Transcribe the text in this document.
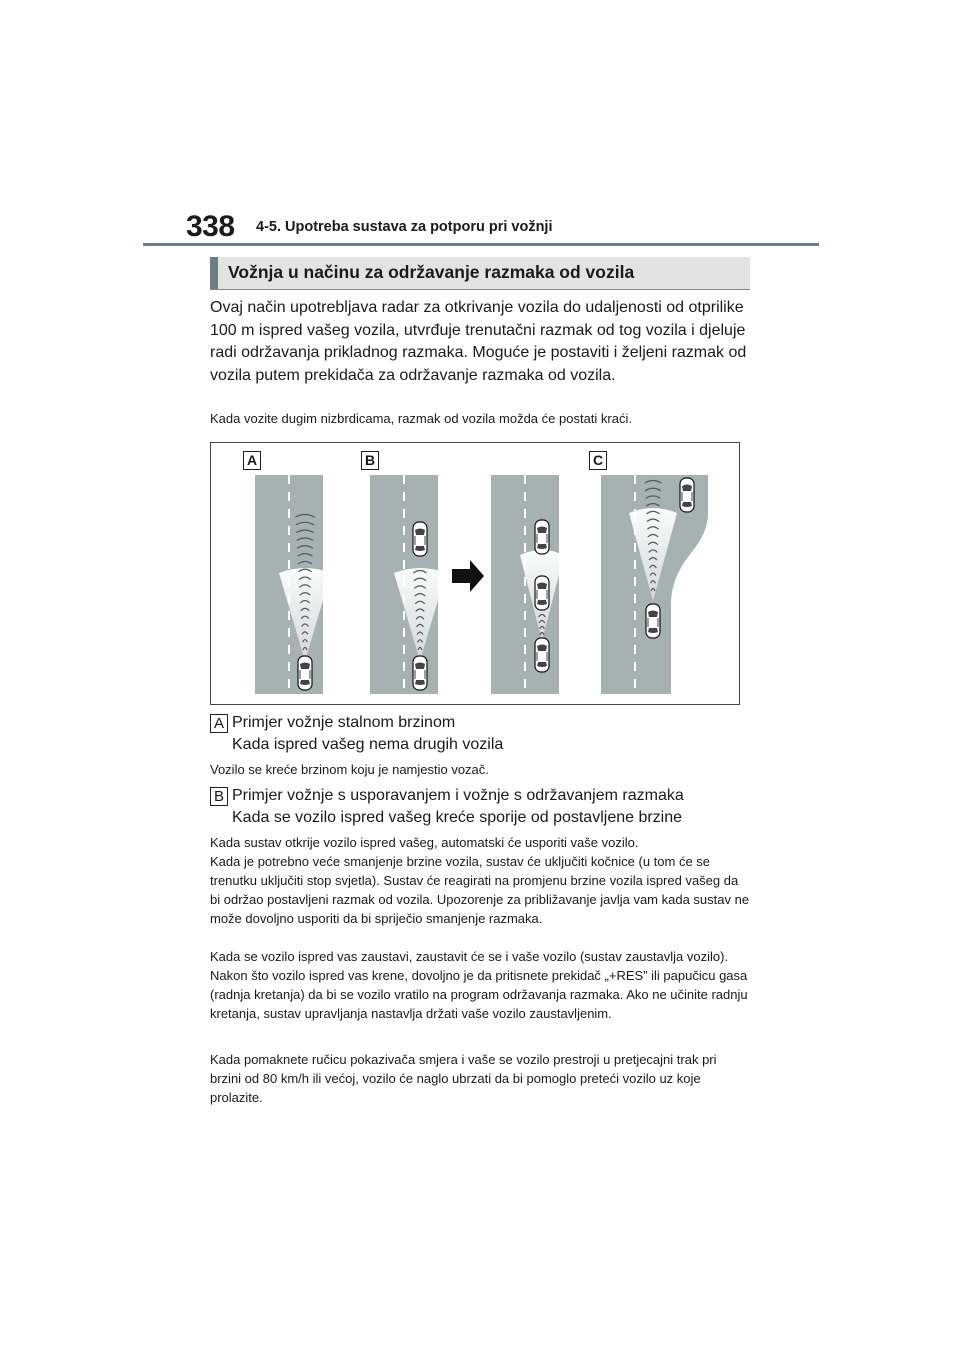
338 4-5. Upotreba sustava za potporu pri vožnji
Vožnja u načinu za održavanje razmaka od vozila

Ovaj način upotrebljava radar za otkrivanje vozila do udaljenosti od otprilike 100 m ispred vašeg vozila, utvrđuje trenutačni razmak od tog vozila i djeluje radi održavanja prikladnog razmaka. Moguće je postaviti i željeni razmak od vozila putem prekidača za održavanje razmaka od vozila.

Kada vozite dugim nizbrdicama, razmak od vozila možda će postati kraći.

A	B	C
A Primjer vožnje stalnom brzinom
Kada ispred vašeg nema drugih vozila

Vozilo se kreće brzinom koju je namjestio vozač.

B Primjer vožnje s usporavanjem i vožnje s održavanjem razmaka
Kada se vozilo ispred vašeg kreće sporije od postavljene brzine

Kada sustav otkrije vozilo ispred vašeg, automatski će usporiti vaše vozilo.
Kada je potrebno veće smanjenje brzine vozila, sustav će uključiti kočnice (u tom će se trenutku uključiti stop svjetla). Sustav će reagirati na promjenu brzine vozila ispred vašeg da bi održao postavljeni razmak od vozila. Upozorenje za približavanje javlja vam kada sustav ne može dovoljno usporiti da bi spriječio smanjenje razmaka.

Kada se vozilo ispred vas zaustavi, zaustavit će se i vaše vozilo (sustav zaustavlja vozilo). Nakon što vozilo ispred vas krene, dovoljno je da pritisnete prekidač „+RES” ili papučicu gasa (radnja kretanja) da bi se vozilo vratilo na program održavanja razmaka. Ako ne učinite radnju kretanja, sustav upravljanja nastavlja držati vaše vozilo zaustavljenim.

Kada pomaknete ručicu pokazivača smjera i vaše se vozilo prestroji u pretjecajni trak pri brzini od 80 km/h ili većoj, vozilo će naglo ubrzati da bi pomoglo preteći vozilo uz koje prolazite.
